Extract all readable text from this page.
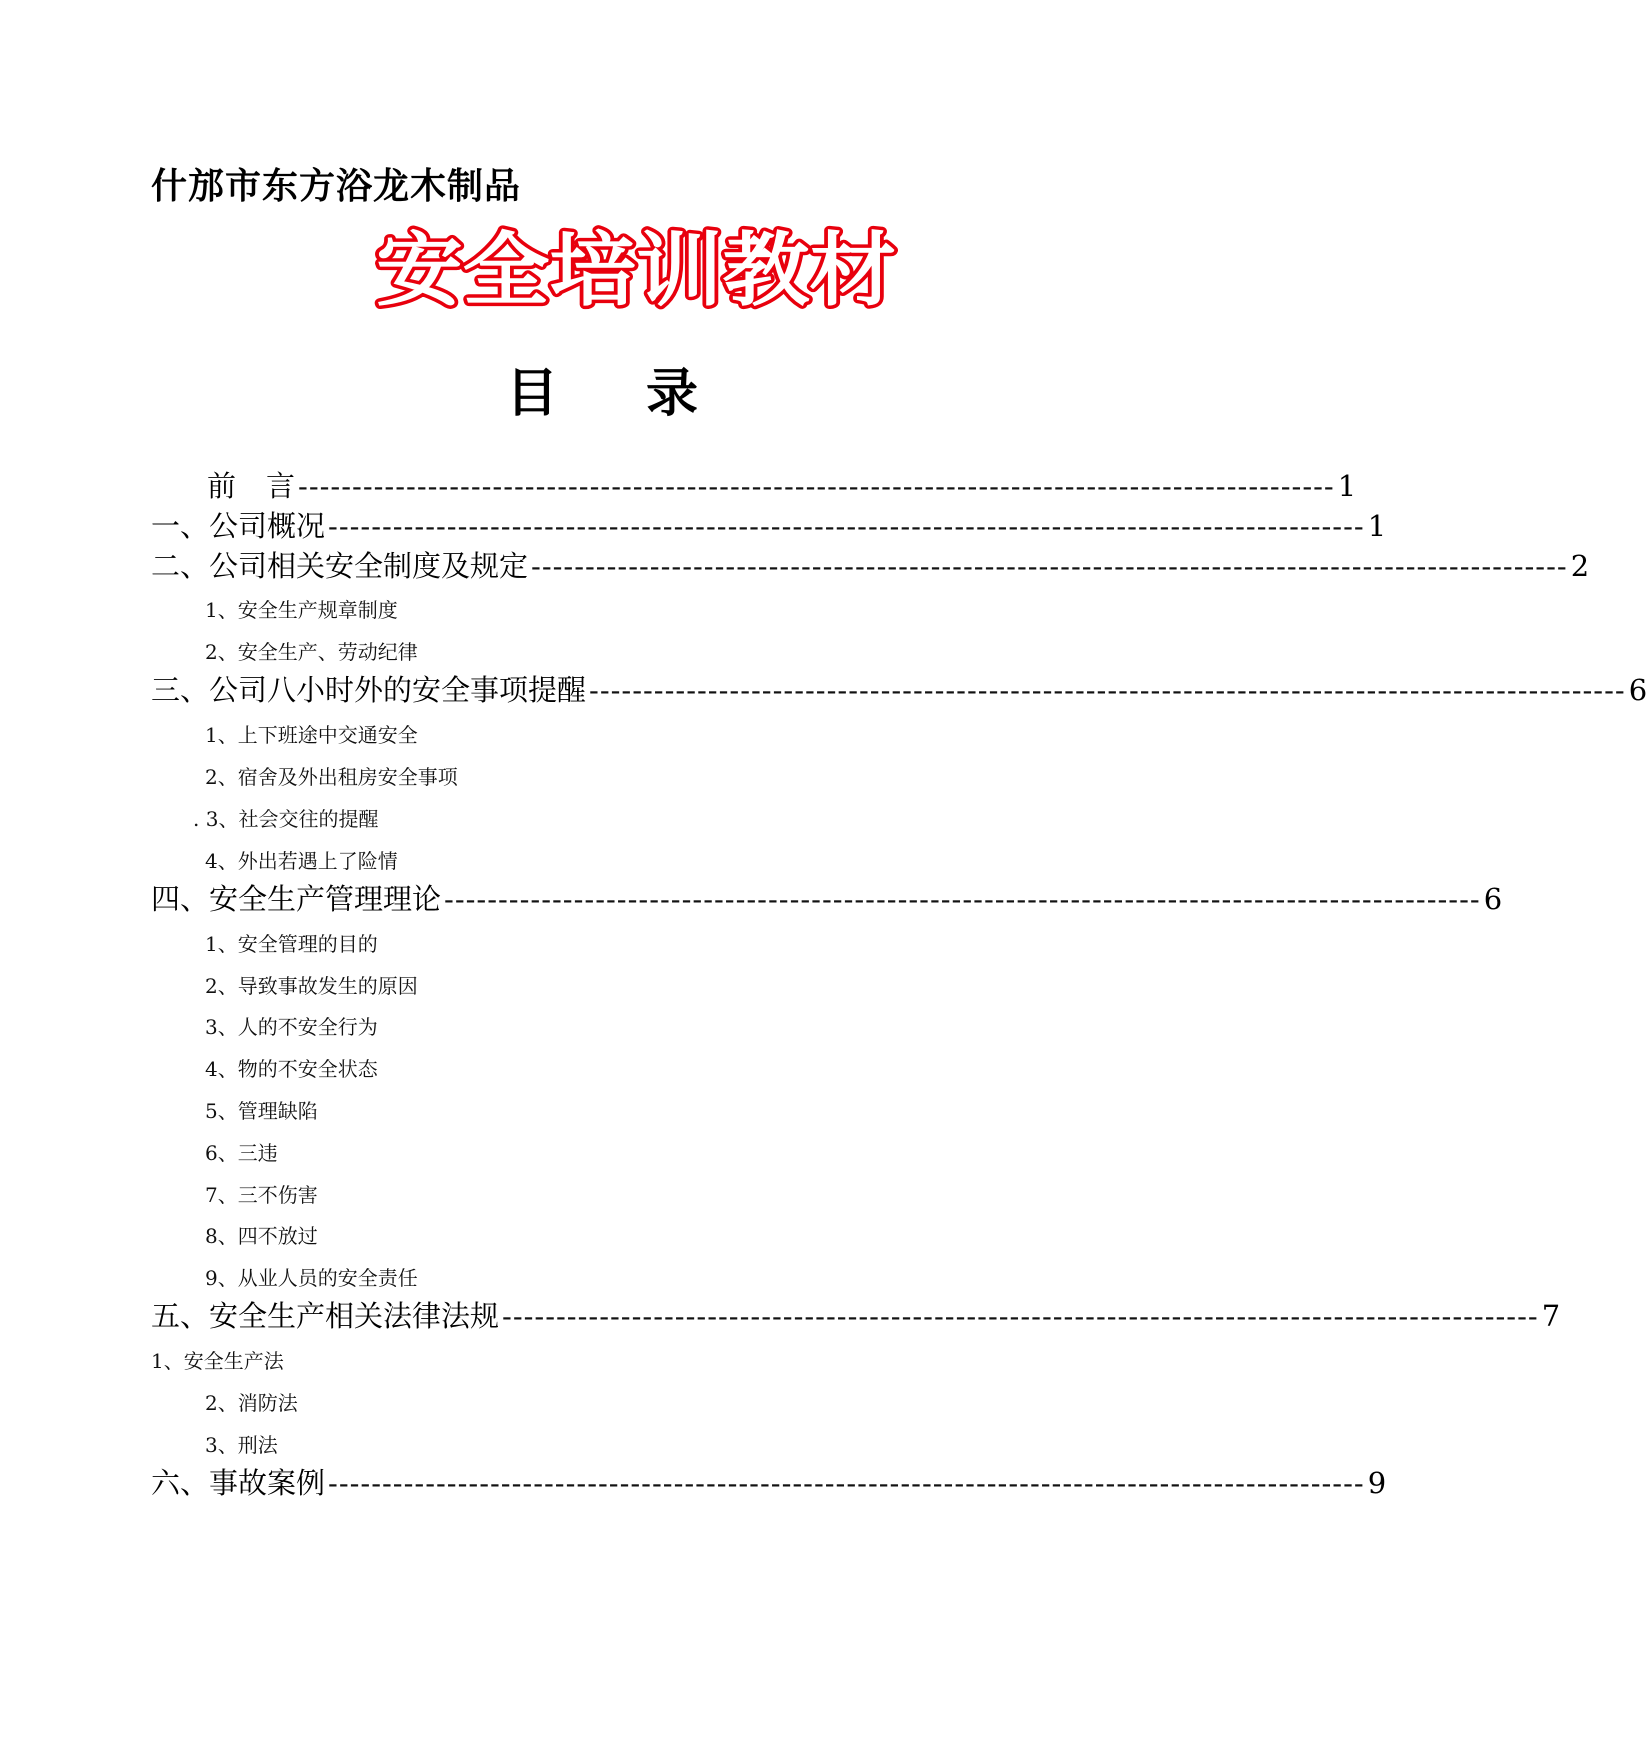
什邡市东方浴龙木制品
安全培训教材
目 录
前 言 ------------------------------------------------------------------------------------------------ 1
一、公司概况 ------------------------------------------------------------------------------------------------ 1
二、公司相关安全制度及规定 ------------------------------------------------------------------------------------------------ 2
1、安全生产规章制度
2、安全生产、劳动纪律
三、公司八小时外的安全事项提醒 ------------------------------------------------------------------------------------------------ 6
1、上下班途中交通安全
2、宿舍及外出租房安全事项
. 3、社会交往的提醒
4、外出若遇上了险情
四、安全生产管理理论 ------------------------------------------------------------------------------------------------ 6
1、安全管理的目的
2、导致事故发生的原因
3、人的不安全行为
4、物的不安全状态
5、管理缺陷
6、三违
7、三不伤害
8、四不放过
9、从业人员的安全责任
五、安全生产相关法律法规 ------------------------------------------------------------------------------------------------ 7
1、安全生产法
2、消防法
3、刑法
六、事故案例 ------------------------------------------------------------------------------------------------ 9
